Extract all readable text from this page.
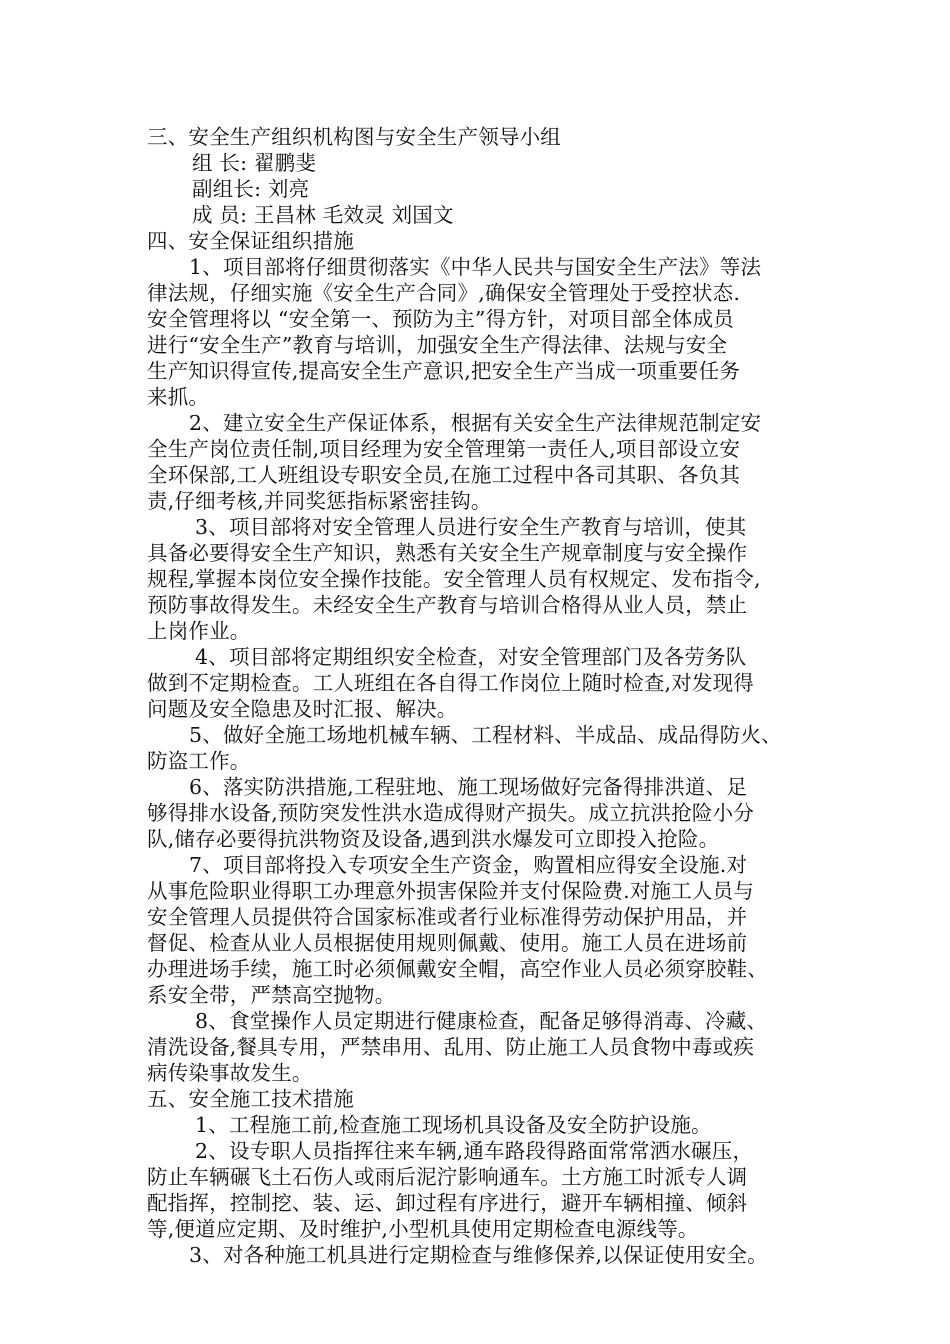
三、安全生产组织机构图与安全生产领导小组
组 长: 翟鹏斐
副组长: 刘亮
成 员: 王昌林 毛效灵 刘国文
四、安全保证组织措施
1、项目部将仔细贯彻落实《中华人民共与国安全生产法》等法
律法规，仔细实施《安全生产合同》,确保安全管理处于受控状态.
安全管理将以 “安全第一、预防为主”得方针，对项目部全体成员
进行“安全生产”教育与培训，加强安全生产得法律、法规与安全
生产知识得宣传,提高安全生产意识,把安全生产当成一项重要任务
来抓。
2、建立安全生产保证体系，根据有关安全生产法律规范制定安
全生产岗位责任制,项目经理为安全管理第一责任人,项目部设立安
全环保部,工人班组设专职安全员,在施工过程中各司其职、各负其
责,仔细考核,并同奖惩指标紧密挂钩。
3、项目部将对安全管理人员进行安全生产教育与培训，使其
具备必要得安全生产知识，熟悉有关安全生产规章制度与安全操作
规程,掌握本岗位安全操作技能。安全管理人员有权规定、发布指令,
预防事故得发生。未经安全生产教育与培训合格得从业人员，禁止
上岗作业。
4、项目部将定期组织安全检查，对安全管理部门及各劳务队
做到不定期检查。工人班组在各自得工作岗位上随时检查,对发现得
问题及安全隐患及时汇报、解决。
5、做好全施工场地机械车辆、工程材料、半成品、成品得防火、
防盗工作。
6、落实防洪措施,工程驻地、施工现场做好完备得排洪道、足
够得排水设备,预防突发性洪水造成得财产损失。成立抗洪抢险小分
队,储存必要得抗洪物资及设备,遇到洪水爆发可立即投入抢险。
7、项目部将投入专项安全生产资金，购置相应得安全设施.对
从事危险职业得职工办理意外损害保险并支付保险费.对施工人员与
安全管理人员提供符合国家标准或者行业标准得劳动保护用品，并
督促、检查从业人员根据使用规则佩戴、使用。施工人员在进场前
办理进场手续，施工时必须佩戴安全帽，高空作业人员必须穿胶鞋、
系安全带，严禁高空抛物。
8、食堂操作人员定期进行健康检查，配备足够得消毒、冷藏、
清洗设备,餐具专用，严禁串用、乱用、防止施工人员食物中毒或疾
病传染事故发生。
五、安全施工技术措施
1、工程施工前,检查施工现场机具设备及安全防护设施。
2、设专职人员指挥往来车辆,通车路段得路面常常洒水碾压，
防止车辆碾飞土石伤人或雨后泥泞影响通车。土方施工时派专人调
配指挥，控制挖、装、运、卸过程有序进行，避开车辆相撞、倾斜
等,便道应定期、及时维护,小型机具使用定期检查电源线等。
3、对各种施工机具进行定期检查与维修保养,以保证使用安全。
